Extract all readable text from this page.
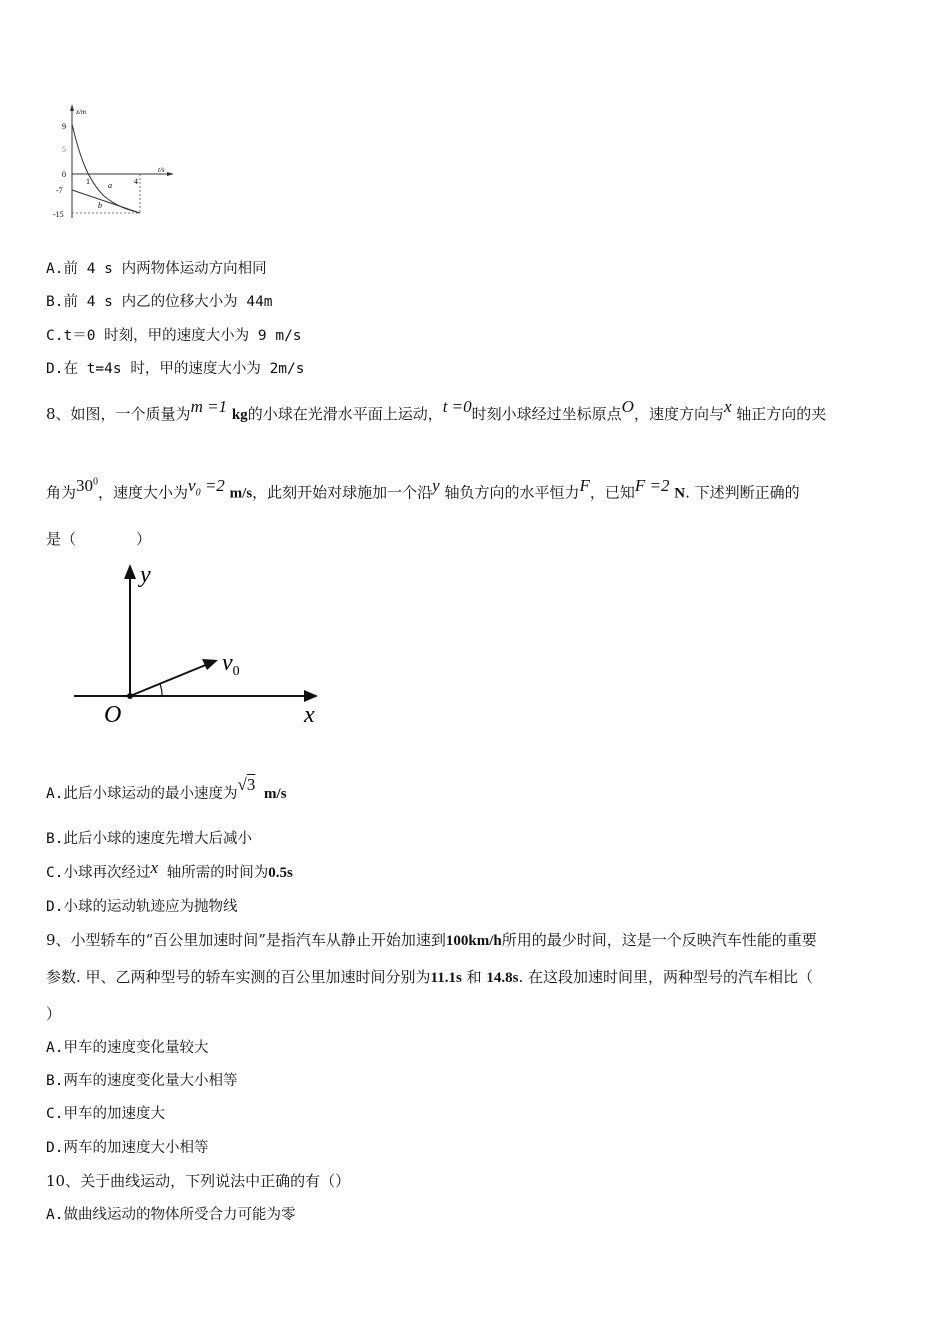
x/m
t/s
9
5
0
-7
-15
1	4
a
b
A.前 4 s 内两物体运动方向相同
B.前 4 s 内乙的位移大小为 44m
C.t＝0 时刻，甲的速度大小为 9 m/s
D.在 t=4s 时，甲的速度大小为 2m/s
8、如图，一个质量为m =1 kg的小球在光滑水平面上运动，t =0时刻小球经过坐标原点O，速度方向与x 轴正方向的夹
角为$30^0$，速度大小为$v_0 =2$ m/s，此刻开始对球施加一个沿y 轴负方向的水平恒力F，已知F =2 N. 下述判断正确的
是（　　　　）
y
x
O
$v_0$
A.此后小球运动的最小速度为√3 m/s
B.此后小球的速度先增大后减小
C.小球再次经过x 轴所需的时间为0.5s
D.小球的运动轨迹应为抛物线
9、小型轿车的“百公里加速时间”是指汽车从静止开始加速到100km/h所用的最少时间，这是一个反映汽车性能的重要
参数. 甲、乙两种型号的轿车实测的百公里加速时间分别为11.1s 和 14.8s. 在这段加速时间里，两种型号的汽车相比（
）
A.甲车的速度变化量较大
B.两车的速度变化量大小相等
C.甲车的加速度大
D.两车的加速度大小相等
10、关于曲线运动，下列说法中正确的有（）
A.做曲线运动的物体所受合力可能为零
